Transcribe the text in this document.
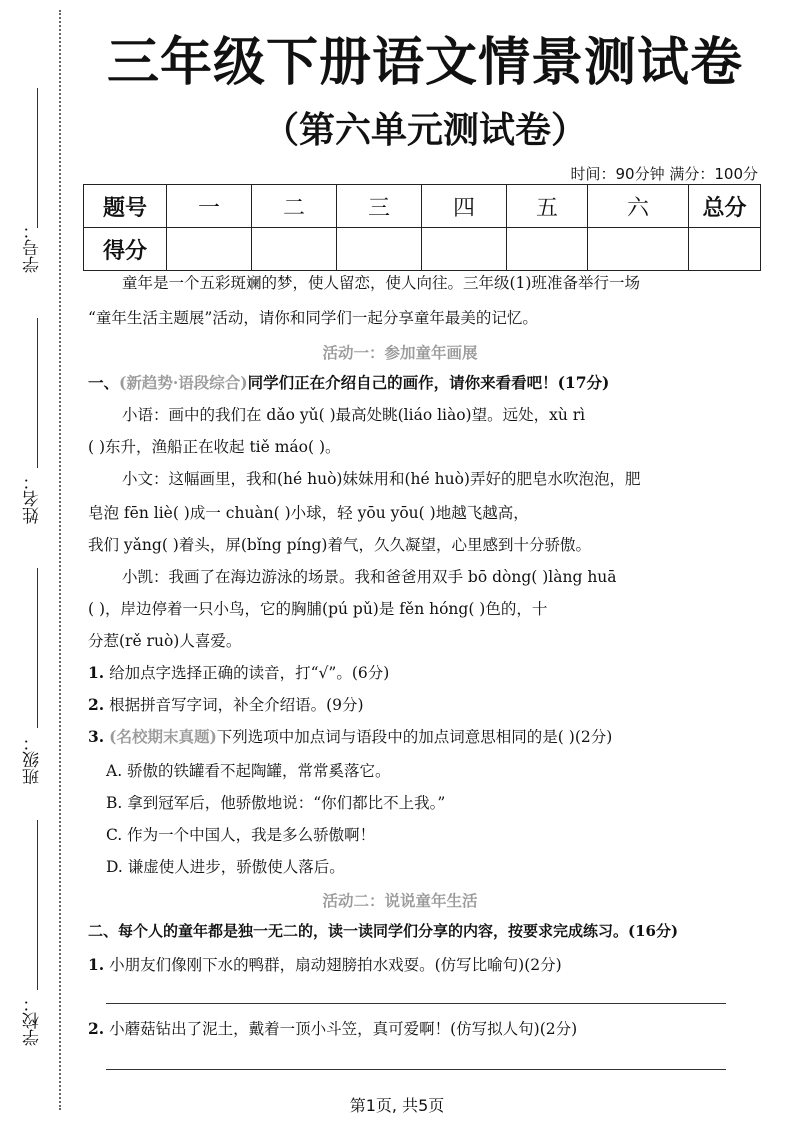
三年级下册语文情景测试卷
（第六单元测试卷）
时间：90分钟 满分：100分
学号：
姓名：
班级：
学校：
题号	一	二	三	四	五	六	总分
得分							
童年是一个五彩斑斓的梦，使人留恋，使人向往。三年级(1)班准备举行一场
“童年生活主题展”活动，请你和同学们一起分享童年最美的记忆。
活动一：参加童年画展
一、(新趋势·语段综合)同学们正在介绍自己的画作，请你来看看吧！(17分)
小语：画中的我们在 dǎo yǔ( )最高处眺(liáo liào)望。远处，xù rì
( )东升，渔船正在收起 tiě máo( )。
小文：这幅画里，我和(hé huò)妹妹用和(hé huò)弄好的肥皂水吹泡泡，肥
皂泡 fēn liè( )成一 chuàn( )小球，轻 yōu yōu( )地越飞越高，
我们 yǎng( )着头，屏(bǐng píng)着气，久久凝望，心里感到十分骄傲。
小凯：我画了在海边游泳的场景。我和爸爸用双手 bō dòng( )làng huā
( )，岸边停着一只小鸟，它的胸脯(pú pǔ)是 fěn hóng( )色的，十
分惹(rě ruò)人喜爱。
1. 给加点字选择正确的读音，打“√”。(6分)
2. 根据拼音写字词，补全介绍语。(9分)
3. (名校期末真题)下列选项中加点词与语段中的加点词意思相同的是( )(2分)
A. 骄傲的铁罐看不起陶罐，常常奚落它。
B. 拿到冠军后，他骄傲地说：“你们都比不上我。”
C. 作为一个中国人，我是多么骄傲啊！
D. 谦虚使人进步，骄傲使人落后。
活动二：说说童年生活
二、每个人的童年都是独一无二的，读一读同学们分享的内容，按要求完成练习。(16分)
1. 小朋友们像刚下水的鸭群，扇动翅膀拍水戏耍。(仿写比喻句)(2分)
2. 小蘑菇钻出了泥土，戴着一顶小斗笠，真可爱啊！(仿写拟人句)(2分)
第1页, 共5页
